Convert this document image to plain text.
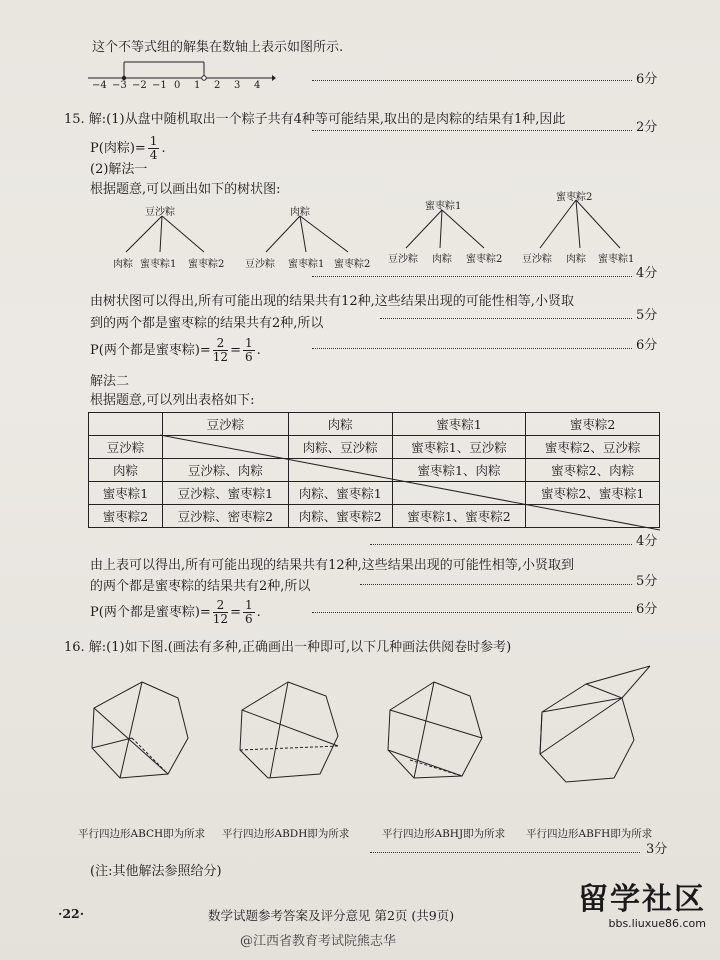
这个不等式组的解集在数轴上表示如图所示.
−4 −3 −2 −1 0 1 2 3 4	6分
15. 解:(1)从盘中随机取出一个粽子共有4种等可能结果,取出的是肉粽的结果有1种,因此
P(肉粽)= $\frac{1}{4}$ .
2分
(2)解法一
根据题意,可以画出如下的树状图:
豆沙粽
肉粽 蜜枣粽1 蜜枣粽2
肉粽
豆沙粽 蜜枣粽1 蜜枣粽2
蜜枣粽1
豆沙粽 肉粽 蜜枣粽2
蜜枣粽2
豆沙粽 肉粽 蜜枣粽1
4分
由树状图可以得出,所有可能出现的结果共有12种,这些结果出现的可能性相等,小贤取
到的两个都是蜜枣粽的结果共有2种,所以
5分
P(两个都是蜜枣粽)= $\frac{2}{12} = \frac{1}{6}$ .	6分
解法二
根据题意,可以列出表格如下:
	豆沙粽	肉粽	蜜枣粽1	蜜枣粽2
豆沙粽		肉粽、豆沙粽	蜜枣粽1、豆沙粽	蜜枣粽2、豆沙粽
肉粽	豆沙粽、肉粽		蜜枣粽1、肉粽	蜜枣粽2、肉粽
蜜枣粽1	豆沙粽、蜜枣粽1	肉粽、蜜枣粽1		蜜枣粽2、蜜枣粽1
蜜枣粽2	豆沙粽、密枣粽2	肉粽、蜜枣粽2	蜜枣粽1、蜜枣粽2	
4分
由上表可以得出,所有可能出现的结果共有12种,这些结果出现的可能性相等,小贤取到
的两个都是蜜枣粽的结果共有2种,所以	5分
P(两个都是蜜枣粽)= $\frac{2}{12} = \frac{1}{6}$ .	6分
16. 解:(1)如下图.(画法有多种,正确画出一种即可,以下几种画法供阅卷时参考)
平行四边形ABCH即为所求 平行四边形ABDH即为所求	平行四边形ABHJ即为所求 平行四边形ABFH即为所求
3分
(注:其他解法参照给分)
·22·	数学试题参考答案及评分意见 第2页 (共9页)
@江西省教育考试院熊志华
留学社区
bbs.liuxue86.com
